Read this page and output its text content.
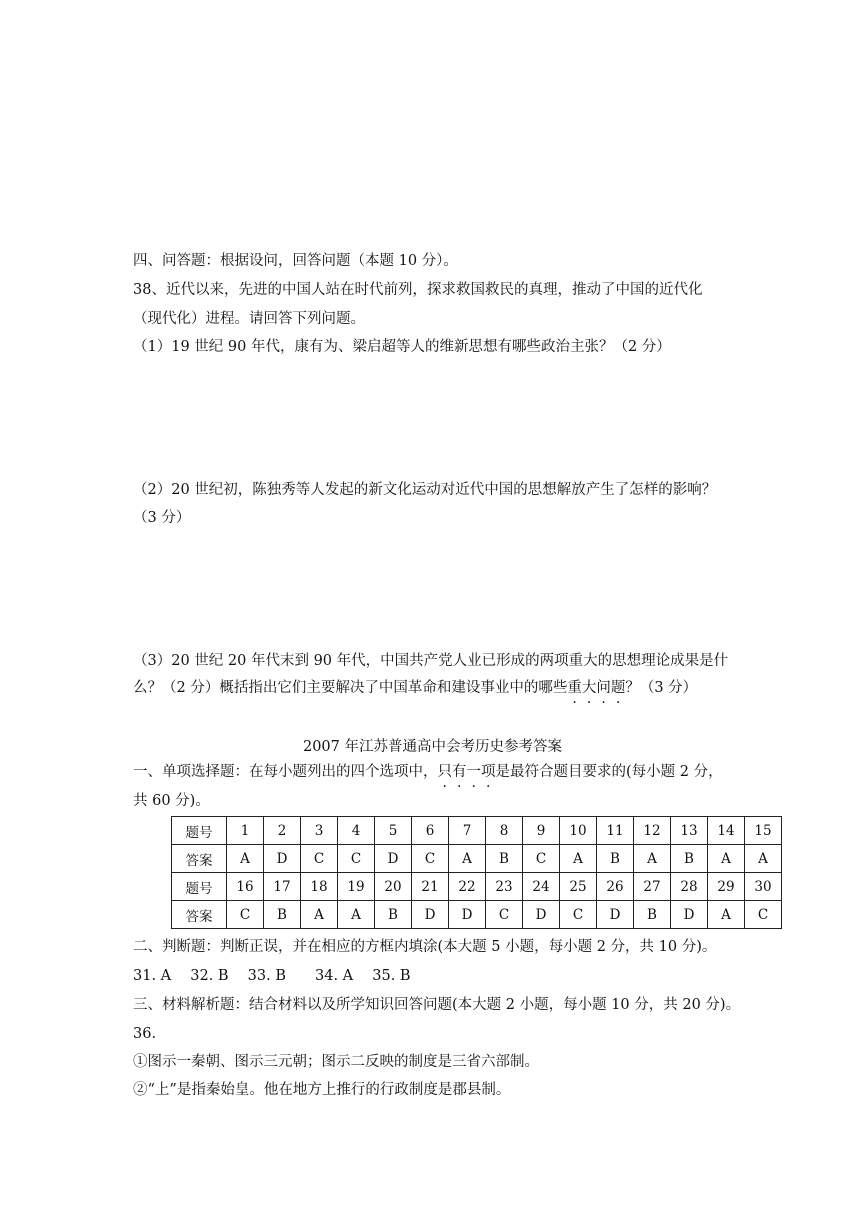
四、问答题：根据设问，回答问题（本题 10 分）。
38、近代以来，先进的中国人站在时代前列，探求救国救民的真理，推动了中国的近代化
（现代化）进程。请回答下列问题。
（1）19 世纪 90 年代，康有为、梁启超等人的维新思想有哪些政治主张？（2 分）
（2）20 世纪初，陈独秀等人发起的新文化运动对近代中国的思想解放产生了怎样的影响？
（3 分）
（3）20 世纪 20 年代末到 90 年代，中国共产党人业已形成的两项重大的思想理论成果是什
么？（2 分）概括指出它们主要解决了中国革命和建设事业中的哪些重大问题？（3 分）
2007 年江苏普通高中会考历史参考答案
一、单项选择题：在每小题列出的四个选项中，只有一项是最符合题目要求的(每小题 2 分，
共 60 分)。
题号	1	2	3	4	5	6	7	8	9	10	11	12	13	14	15
答案	A	D	C	C	D	C	A	B	C	A	B	A	B	A	A
题号	16	17	18	19	20	21	22	23	24	25	26	27	28	29	30
答案	C	B	A	A	B	D	D	C	D	C	D	B	D	A	C
二、判断题：判断正误，并在相应的方框内填涂(本大题 5 小题，每小题 2 分，共 10 分)。
31. A　 32. B　 33. B　　34. A　 35. B
三、材料解析题：结合材料以及所学知识回答问题(本大题 2 小题，每小题 10 分，共 20 分)。
36.
①图示一秦朝、图示三元朝；图示二反映的制度是三省六部制。
②“上”是指秦始皇。他在地方上推行的行政制度是郡县制。
